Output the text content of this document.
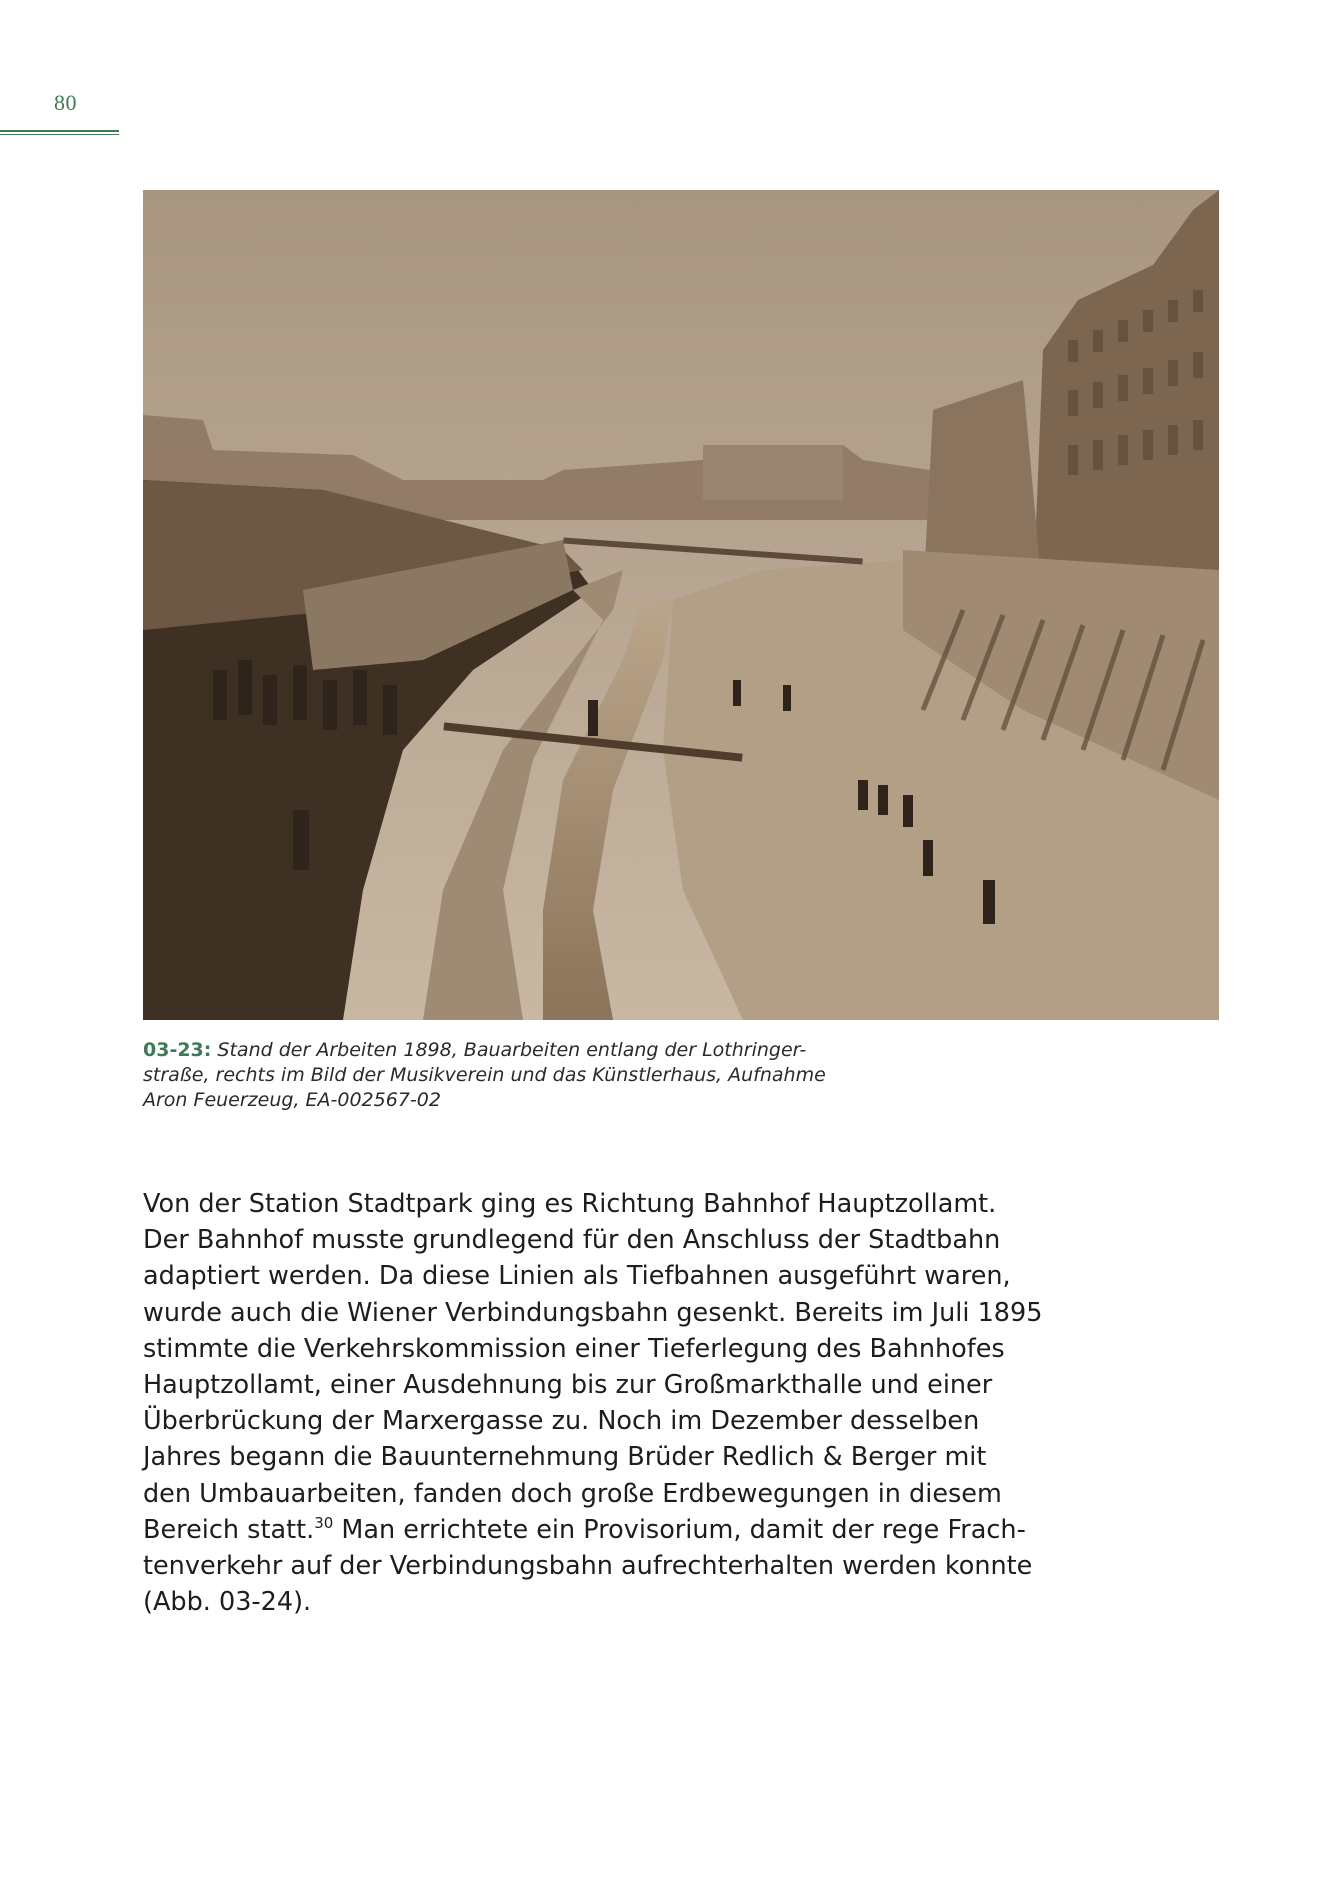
80
03-23: Stand der Arbeiten 1898, Bauarbeiten entlang der Lothringer-
straße, rechts im Bild der Musikverein und das Künstlerhaus, Aufnahme
Aron Feuerzeug, EA-002567-02

Von der Station Stadtpark ging es Richtung Bahnhof Hauptzollamt.
Der Bahnhof musste grundlegend für den Anschluss der Stadtbahn
adaptiert werden. Da diese Linien als Tiefbahnen ausgeführt waren,
wurde auch die Wiener Verbindungsbahn gesenkt. Bereits im Juli 1895
stimmte die Verkehrskommission einer Tieferlegung des Bahnhofes
Hauptzollamt, einer Ausdehnung bis zur Großmarkthalle und einer
Überbrückung der Marxergasse zu. Noch im Dezember desselben
Jahres begann die Bauunternehmung Brüder Redlich & Berger mit
den Umbauarbeiten, fanden doch große Erdbewegungen in diesem
Bereich statt.$^{30}$ Man errichtete ein Provisorium, damit der rege Frach-
tenverkehr auf der Verbindungsbahn aufrechterhalten werden konnte
(Abb. 03-24).
